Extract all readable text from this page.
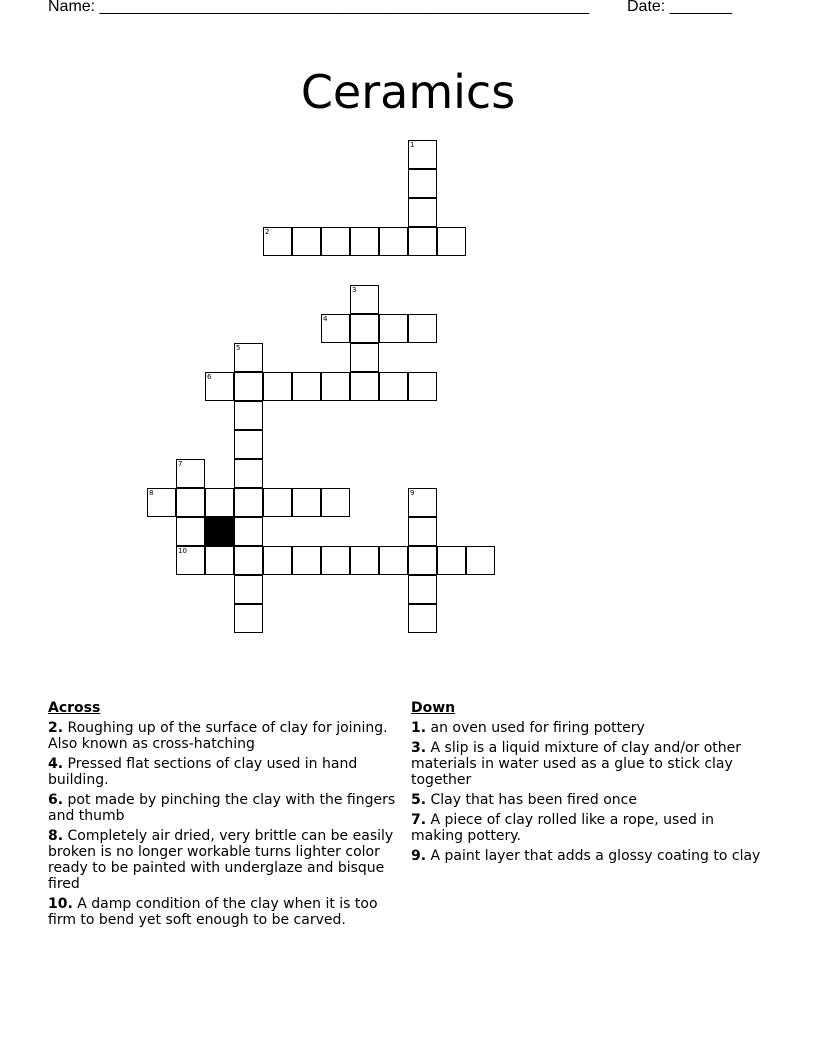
Name: _______________________________________________________ Date: _______
Ceramics
1
2
3
4
5
6
7
8	9
10
Across
2. Roughing up of the surface of clay for joining. Also known as cross-hatching
4. Pressed flat sections of clay used in hand building.
6. pot made by pinching the clay with the fingers and thumb
8. Completely air dried, very brittle can be easily broken is no longer workable turns lighter color ready to be painted with underglaze and bisque fired
10. A damp condition of the clay when it is too firm to bend yet soft enough to be carved.
Down
1. an oven used for firing pottery
3. A slip is a liquid mixture of clay and/or other materials in water used as a glue to stick clay together
5. Clay that has been fired once
7. A piece of clay rolled like a rope, used in making pottery.
9. A paint layer that adds a glossy coating to clay
